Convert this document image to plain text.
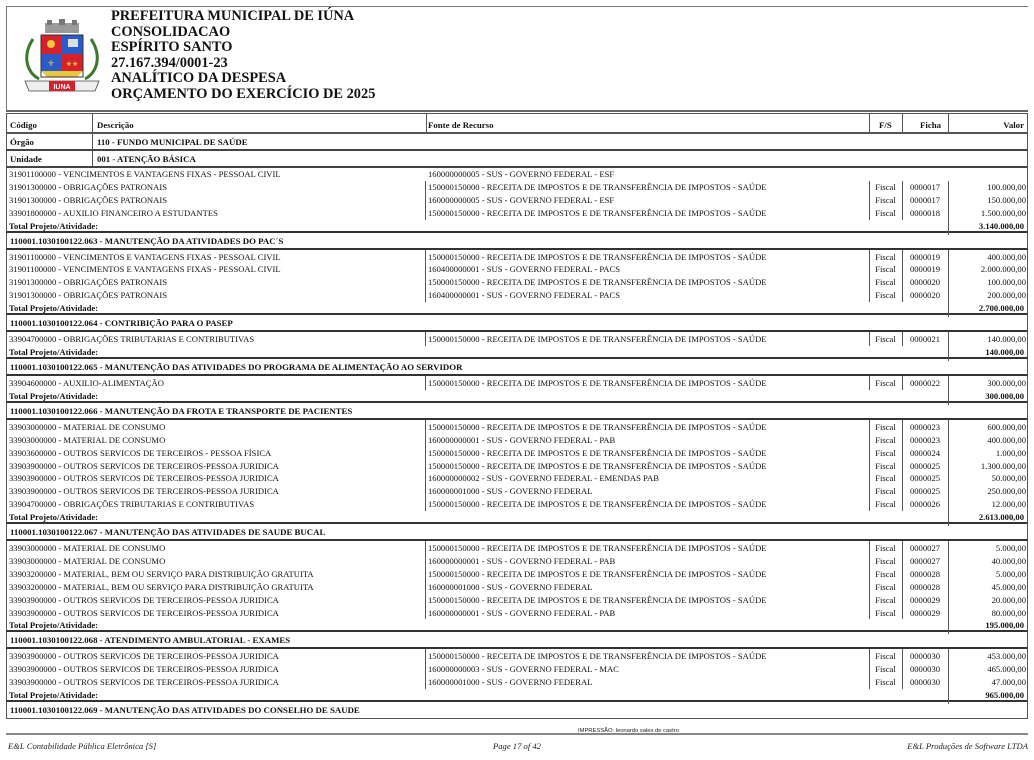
⚜ ★★
IUNA
PREFEITURA MUNICIPAL DE IÚNA
CONSOLIDACAO
ESPÍRITO SANTO
27.167.394/0001-23
ANALÍTICO DA DESPESA
ORÇAMENTO DO EXERCÍCIO DE 2025
Código	Descrição	Fonte de Recurso	F/S	Ficha	Valor
Órgão	110 - FUNDO MUNICIPAL DE SAÚDE
Unidade	001 - ATENÇÃO BÁSICA
31901100000 - VENCIMENTOS E VANTAGENS FIXAS - PESSOAL CIVIL	160000000005 - SUS - GOVERNO FEDERAL - ESF
31901300000 - OBRIGAÇÕES PATRONAIS	150000150000 - RECEITA DE IMPOSTOS E DE TRANSFERÊNCIA DE IMPOSTOS - SAÚDE	Fiscal	0000017	100.000,00
31901300000 - OBRIGAÇÕES PATRONAIS	160000000005 - SUS - GOVERNO FEDERAL - ESF	Fiscal	0000017	150.000,00
33901800000 - AUXILIO FINANCEIRO A ESTUDANTES	150000150000 - RECEITA DE IMPOSTOS E DE TRANSFERÊNCIA DE IMPOSTOS - SAÚDE	Fiscal	0000018	1.500.000,00
Total Projeto/Atividade:	3.140.000,00
110001.1030100122.063 - MANUTENÇÃO DA ATIVIDADES DO PAC´S
31901100000 - VENCIMENTOS E VANTAGENS FIXAS - PESSOAL CIVIL	150000150000 - RECEITA DE IMPOSTOS E DE TRANSFERÊNCIA DE IMPOSTOS - SAÚDE	Fiscal	0000019	400.000,00
31901100000 - VENCIMENTOS E VANTAGENS FIXAS - PESSOAL CIVIL	160400000001 - SUS - GOVERNO FEDERAL - PACS	Fiscal	0000019	2.000.000,00
31901300000 - OBRIGAÇÕES PATRONAIS	150000150000 - RECEITA DE IMPOSTOS E DE TRANSFERÊNCIA DE IMPOSTOS - SAÚDE	Fiscal	0000020	100.000,00
31901300000 - OBRIGAÇÕES PATRONAIS	160400000001 - SUS - GOVERNO FEDERAL - PACS	Fiscal	0000020	200.000,00
Total Projeto/Atividade:	2.700.000,00
110001.1030100122.064 - CONTRIBIÇÃO PARA O PASEP
33904700000 - OBRIGAÇÕES TRIBUTARIAS E CONTRIBUTIVAS	150000150000 - RECEITA DE IMPOSTOS E DE TRANSFERÊNCIA DE IMPOSTOS - SAÚDE	Fiscal	0000021	140.000,00
Total Projeto/Atividade:	140.000,00
110001.1030100122.065 - MANUTENÇÃO DAS ATIVIDADES DO PROGRAMA DE ALIMENTAÇÃO AO SERVIDOR
33904600000 - AUXILIO-ALIMENTAÇÃO	150000150000 - RECEITA DE IMPOSTOS E DE TRANSFERÊNCIA DE IMPOSTOS - SAÚDE	Fiscal	0000022	300.000,00
Total Projeto/Atividade:	300.000,00
110001.1030100122.066 - MANUTENÇÃO DA FROTA E TRANSPORTE DE PACIENTES
33903000000 - MATERIAL DE CONSUMO	150000150000 - RECEITA DE IMPOSTOS E DE TRANSFERÊNCIA DE IMPOSTOS - SAÚDE	Fiscal	0000023	600.000,00
33903000000 - MATERIAL DE CONSUMO	160000000001 - SUS - GOVERNO FEDERAL - PAB	Fiscal	0000023	400.000,00
33903600000 - OUTROS SERVICOS DE TERCEIROS - PESSOA FÍSICA	150000150000 - RECEITA DE IMPOSTOS E DE TRANSFERÊNCIA DE IMPOSTOS - SAÚDE	Fiscal	0000024	1.000,00
33903900000 - OUTROS SERVICOS DE TERCEIROS-PESSOA JURIDICA	150000150000 - RECEITA DE IMPOSTOS E DE TRANSFERÊNCIA DE IMPOSTOS - SAÚDE	Fiscal	0000025	1.300.000,00
33903900000 - OUTROS SERVICOS DE TERCEIROS-PESSOA JURIDICA	160000000002 - SUS - GOVERNO FEDERAL - EMENDAS PAB	Fiscal	0000025	50.000,00
33903900000 - OUTROS SERVICOS DE TERCEIROS-PESSOA JURIDICA	160000001000 - SUS - GOVERNO FEDERAL	Fiscal	0000025	250.000,00
33904700000 - OBRIGAÇÕES TRIBUTARIAS E CONTRIBUTIVAS	150000150000 - RECEITA DE IMPOSTOS E DE TRANSFERÊNCIA DE IMPOSTOS - SAÚDE	Fiscal	0000026	12.000,00
Total Projeto/Atividade:	2.613.000,00
110001.1030100122.067 - MANUTENÇÃO DAS ATIVIDADES DE SAUDE BUCAL
33903000000 - MATERIAL DE CONSUMO	150000150000 - RECEITA DE IMPOSTOS E DE TRANSFERÊNCIA DE IMPOSTOS - SAÚDE	Fiscal	0000027	5.000,00
33903000000 - MATERIAL DE CONSUMO	160000000001 - SUS - GOVERNO FEDERAL - PAB	Fiscal	0000027	40.000,00
33903200000 - MATERIAL, BEM OU SERVIÇO PARA DISTRIBUIÇÃO GRATUITA	150000150000 - RECEITA DE IMPOSTOS E DE TRANSFERÊNCIA DE IMPOSTOS - SAÚDE	Fiscal	0000028	5.000,00
33903200000 - MATERIAL, BEM OU SERVIÇO PARA DISTRIBUIÇÃO GRATUITA	160000001000 - SUS - GOVERNO FEDERAL	Fiscal	0000028	45.000,00
33903900000 - OUTROS SERVICOS DE TERCEIROS-PESSOA JURIDICA	150000150000 - RECEITA DE IMPOSTOS E DE TRANSFERÊNCIA DE IMPOSTOS - SAÚDE	Fiscal	0000029	20.000,00
33903900000 - OUTROS SERVICOS DE TERCEIROS-PESSOA JURIDICA	160000000001 - SUS - GOVERNO FEDERAL - PAB	Fiscal	0000029	80.000,00
Total Projeto/Atividade:	195.000,00
110001.1030100122.068 - ATENDIMENTO AMBULATORIAL - EXAMES
33903900000 - OUTROS SERVICOS DE TERCEIROS-PESSOA JURIDICA	150000150000 - RECEITA DE IMPOSTOS E DE TRANSFERÊNCIA DE IMPOSTOS - SAÚDE	Fiscal	0000030	453.000,00
33903900000 - OUTROS SERVICOS DE TERCEIROS-PESSOA JURIDICA	160000000003 - SUS - GOVERNO FEDERAL - MAC	Fiscal	0000030	465.000,00
33903900000 - OUTROS SERVICOS DE TERCEIROS-PESSOA JURIDICA	160000001000 - SUS - GOVERNO FEDERAL	Fiscal	0000030	47.000,00
Total Projeto/Atividade:	965.000,00
110001.1030100122.069 - MANUTENÇÃO DAS ATIVIDADES DO CONSELHO DE SAUDE
IMPRESSÃO: leonardo sales de castro
E&L Contabilidade Pública Eletrônica [S]	Page 17 of 42	E&L Produções de Software LTDA
